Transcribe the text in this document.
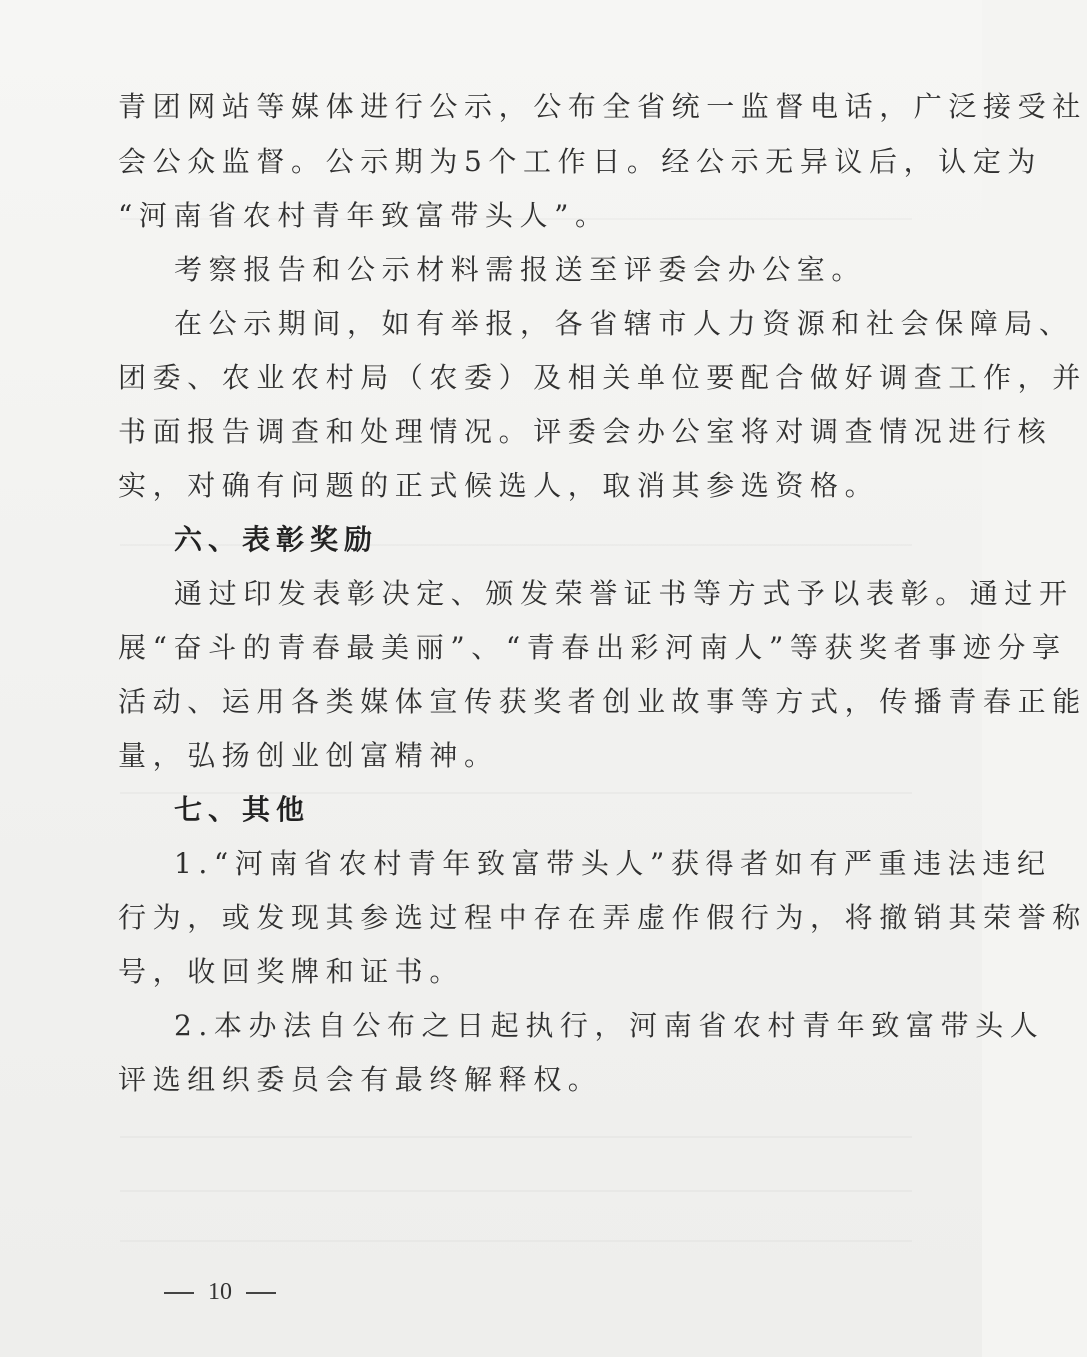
青团网站等媒体进行公示，公布全省统一监督电话，广泛接受社

会公众监督。公示期为5个工作日。经公示无异议后，认定为

“河南省农村青年致富带头人”。

考察报告和公示材料需报送至评委会办公室。

在公示期间，如有举报，各省辖市人力资源和社会保障局、

团委、农业农村局（农委）及相关单位要配合做好调查工作，并

书面报告调查和处理情况。评委会办公室将对调查情况进行核

实，对确有问题的正式候选人，取消其参选资格。

六、表彰奖励

通过印发表彰决定、颁发荣誉证书等方式予以表彰。通过开

展“奋斗的青春最美丽”、“青春出彩河南人”等获奖者事迹分享

活动、运用各类媒体宣传获奖者创业故事等方式，传播青春正能

量，弘扬创业创富精神。

七、其他

1.“河南省农村青年致富带头人”获得者如有严重违法违纪

行为，或发现其参选过程中存在弄虚作假行为，将撤销其荣誉称

号，收回奖牌和证书。

2.本办法自公布之日起执行，河南省农村青年致富带头人

评选组织委员会有最终解释权。

10
